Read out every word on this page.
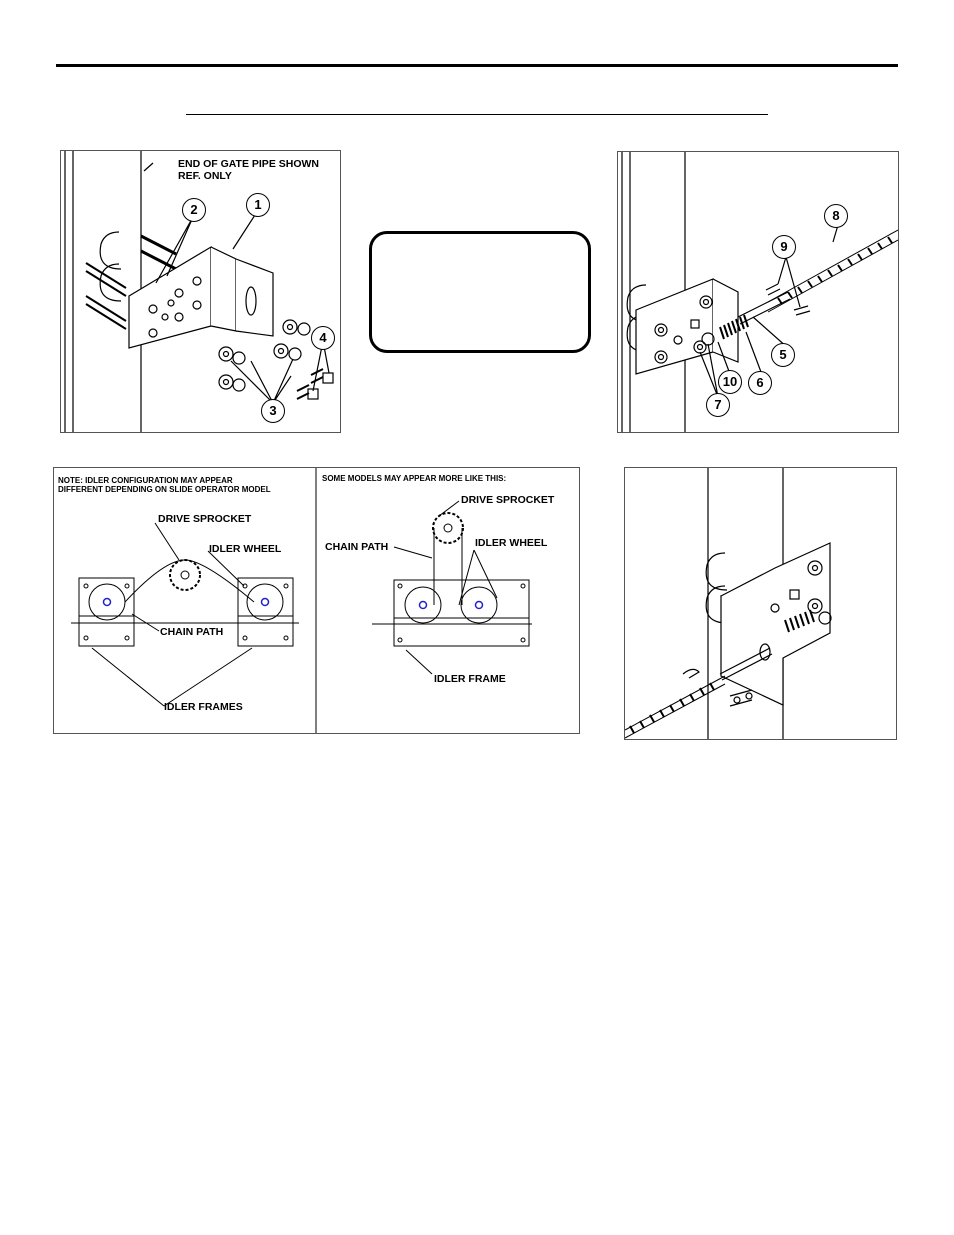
END OF GATE PIPE SHOWN
REF. ONLY
1
2
3
4
5
6
7
8
9
10
NOTE: IDLER CONFIGURATION MAY APPEAR
DIFFERENT DEPENDING ON SLIDE OPERATOR MODEL
DRIVE SPROCKET
IDLER WHEEL
CHAIN PATH
IDLER FRAMES
SOME MODELS MAY APPEAR MORE LIKE THIS:
DRIVE SPROCKET
CHAIN PATH	IDLER WHEEL
IDLER FRAME
